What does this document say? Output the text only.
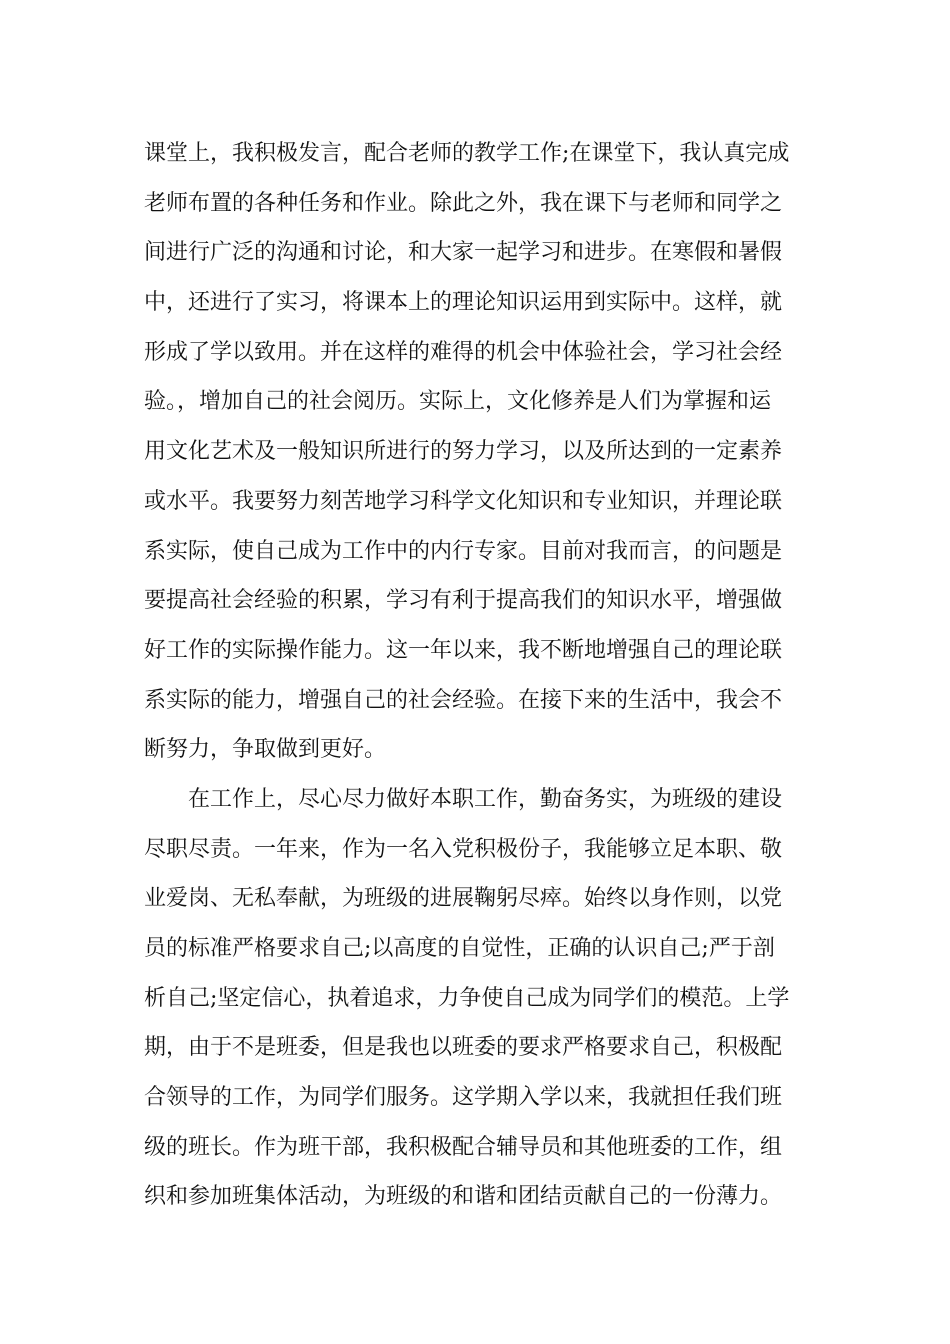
课堂上，我积极发言，配合老师的教学工作;在课堂下，我认真完成
老师布置的各种任务和作业。除此之外，我在课下与老师和同学之
间进行广泛的沟通和讨论，和大家一起学习和进步。在寒假和暑假
中，还进行了实习，将课本上的理论知识运用到实际中。这样，就
形成了学以致用。并在这样的难得的机会中体验社会，学习社会经
验。，增加自己的社会阅历。实际上，文化修养是人们为掌握和运
用文化艺术及一般知识所进行的努力学习，以及所达到的一定素养
或水平。我要努力刻苦地学习科学文化知识和专业知识，并理论联
系实际，使自己成为工作中的内行专家。目前对我而言，的问题是
要提高社会经验的积累，学习有利于提高我们的知识水平，增强做
好工作的实际操作能力。这一年以来，我不断地增强自己的理论联
系实际的能力，增强自己的社会经验。在接下来的生活中，我会不
断努力，争取做到更好。
在工作上，尽心尽力做好本职工作，勤奋务实，为班级的建设
尽职尽责。一年来，作为一名入党积极份子，我能够立足本职、敬
业爱岗、无私奉献，为班级的进展鞠躬尽瘁。始终以身作则，以党
员的标准严格要求自己;以高度的自觉性，正确的认识自己;严于剖
析自己;坚定信心，执着追求，力争使自己成为同学们的模范。上学
期，由于不是班委，但是我也以班委的要求严格要求自己，积极配
合领导的工作，为同学们服务。这学期入学以来，我就担任我们班
级的班长。作为班干部，我积极配合辅导员和其他班委的工作，组
织和参加班集体活动，为班级的和谐和团结贡献自己的一份薄力。
